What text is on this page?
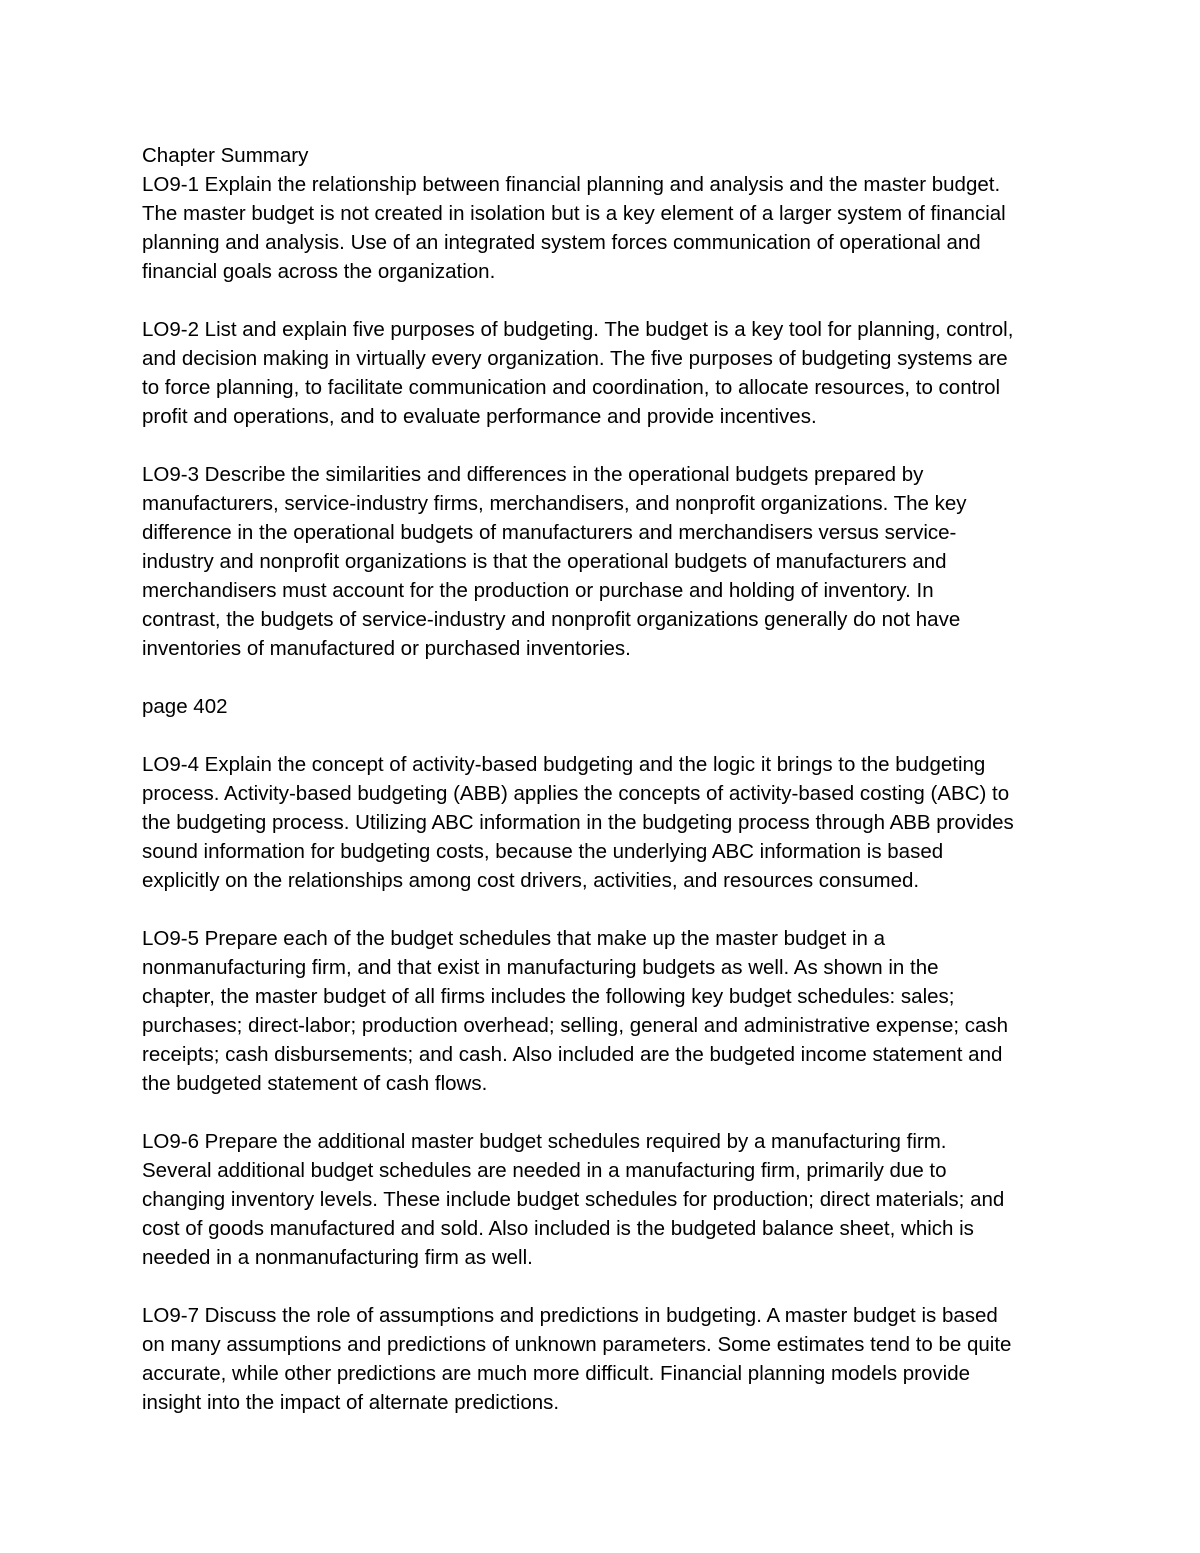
Chapter Summary

LO9-1 Explain the relationship between financial planning and analysis and the master budget.
The master budget is not created in isolation but is a key element of a larger system of financial
planning and analysis. Use of an integrated system forces communication of operational and
financial goals across the organization.

LO9-2 List and explain five purposes of budgeting. The budget is a key tool for planning, control,
and decision making in virtually every organization. The five purposes of budgeting systems are
to force planning, to facilitate communication and coordination, to allocate resources, to control
profit and operations, and to evaluate performance and provide incentives.

LO9-3 Describe the similarities and differences in the operational budgets prepared by
manufacturers, service-industry firms, merchandisers, and nonprofit organizations. The key
difference in the operational budgets of manufacturers and merchandisers versus service-
industry and nonprofit organizations is that the operational budgets of manufacturers and
merchandisers must account for the production or purchase and holding of inventory. In
contrast, the budgets of service-industry and nonprofit organizations generally do not have
inventories of manufactured or purchased inventories.

page 402

LO9-4 Explain the concept of activity-based budgeting and the logic it brings to the budgeting
process. Activity-based budgeting (ABB) applies the concepts of activity-based costing (ABC) to
the budgeting process. Utilizing ABC information in the budgeting process through ABB provides
sound information for budgeting costs, because the underlying ABC information is based
explicitly on the relationships among cost drivers, activities, and resources consumed.

LO9-5 Prepare each of the budget schedules that make up the master budget in a
nonmanufacturing firm, and that exist in manufacturing budgets as well. As shown in the
chapter, the master budget of all firms includes the following key budget schedules: sales;
purchases; direct-labor; production overhead; selling, general and administrative expense; cash
receipts; cash disbursements; and cash. Also included are the budgeted income statement and
the budgeted statement of cash flows.

LO9-6 Prepare the additional master budget schedules required by a manufacturing firm.
Several additional budget schedules are needed in a manufacturing firm, primarily due to
changing inventory levels. These include budget schedules for production; direct materials; and
cost of goods manufactured and sold. Also included is the budgeted balance sheet, which is
needed in a nonmanufacturing firm as well.

LO9-7 Discuss the role of assumptions and predictions in budgeting. A master budget is based
on many assumptions and predictions of unknown parameters. Some estimates tend to be quite
accurate, while other predictions are much more difficult. Financial planning models provide
insight into the impact of alternate predictions.
